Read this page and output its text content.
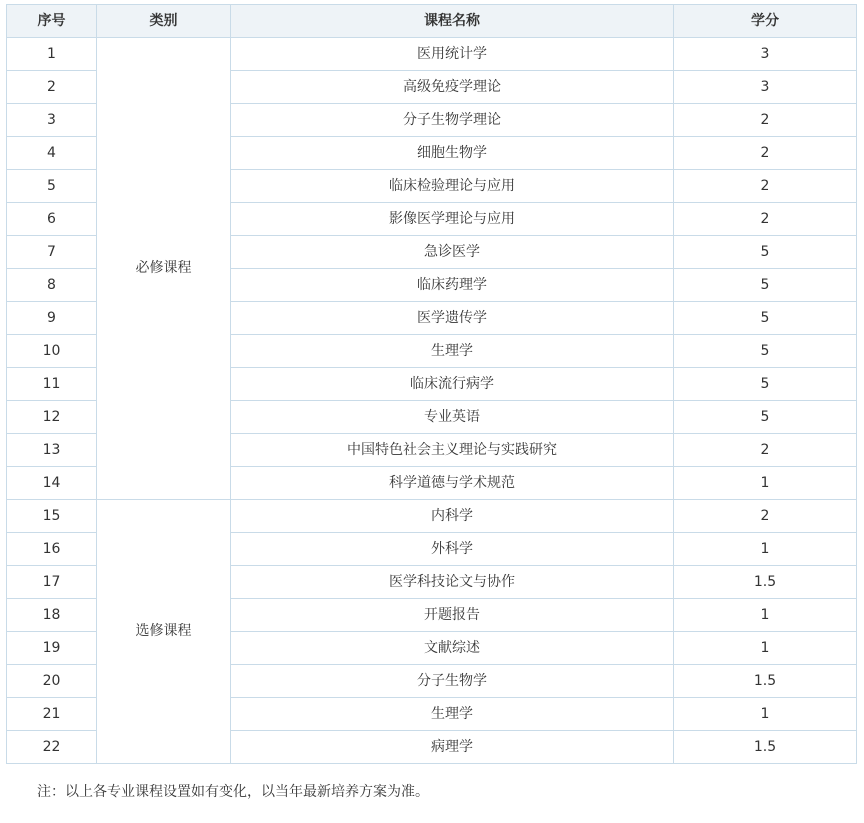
序号	类别	课程名称	学分
1	必修课程	医用统计学	3
2		高级免疫学理论	3
3		分子生物学理论	2
4		细胞生物学	2
5		临床检验理论与应用	2
6		影像医学理论与应用	2
7		急诊医学	5
8		临床药理学	5
9		医学遗传学	5
10		生理学	5
11		临床流行病学	5
12		专业英语	5
13		中国特色社会主义理论与实践研究	2
14		科学道德与学术规范	1
15	选修课程	内科学	2
16		外科学	1
17		医学科技论文与协作	1.5
18		开题报告	1
19		文献综述	1
20		分子生物学	1.5
21		生理学	1
22		病理学	1.5

注：以上各专业课程设置如有变化，以当年最新培养方案为准。
